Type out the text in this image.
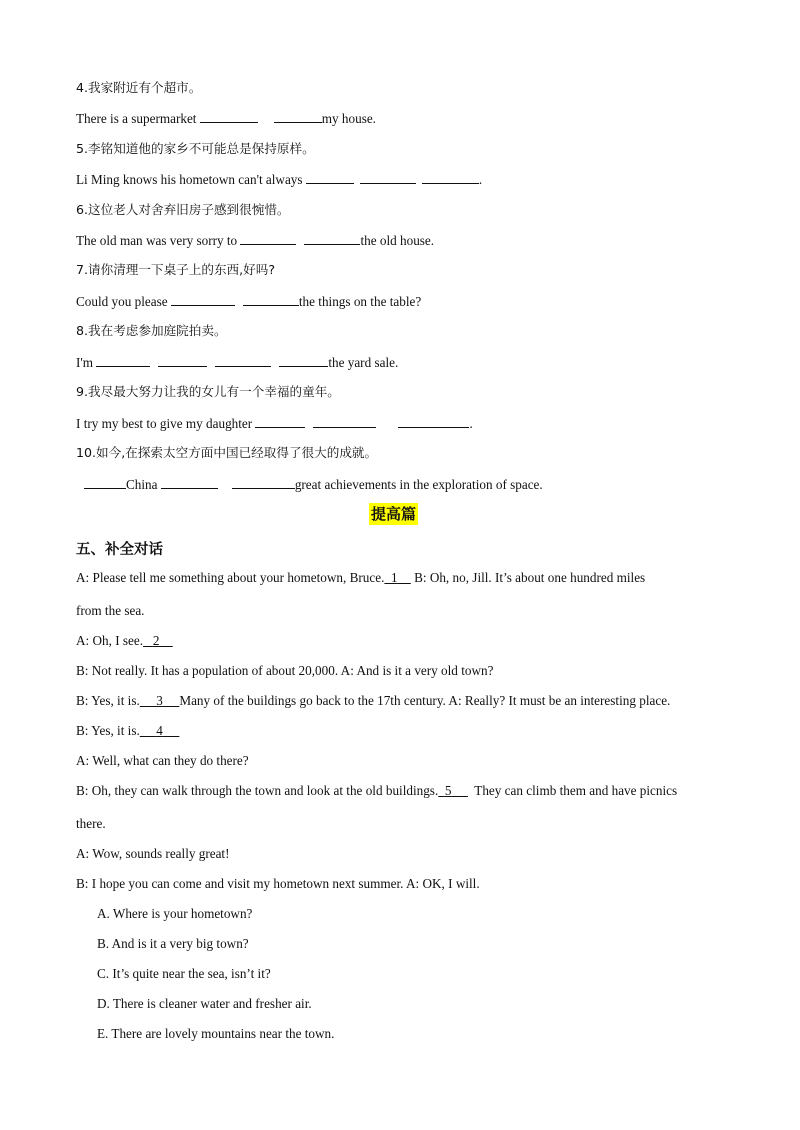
4.我家附近有个超市。
There is a supermarket	my house.
5.李铭知道他的家乡不可能总是保持原样。
Li Ming knows his hometown can't always	.
6.这位老人对舍弃旧房子感到很惋惜。
The old man was very sorry to	the old house.
7.请你清理一下桌子上的东西,好吗?
Could you please	the things on the table?
8.我在考虑参加庭院拍卖。
I'm	the yard sale.
9.我尽最大努力让我的女儿有一个幸福的童年。
I try my best to give my daughter	.
10.如今,在探索太空方面中国已经取得了很大的成就。
China	great achievements in the exploration of space.
提高篇
五、补全对话
A: Please tell me something about your hometown, Bruce. 1     B: Oh, no, Jill. It’s about one hundred miles
from the sea.
A: Oh, I see. 2
B: Not really. It has a population of about 20,000. A: And is it a very old town?
B: Yes, it is. 3 Many of the buildings go back to the 17th century. A: Really? It must be an interesting place.
B: Yes, it is. 4
A: Well, what can they do there?
B: Oh, they can walk through the town and look at the old buildings. 5       They can climb them and have picnics
there.
A: Wow, sounds really great!
B: I hope you can come and visit my hometown next summer. A: OK, I will.
A. Where is your hometown?
B. And is it a very big town?
C. It’s quite near the sea, isn’t it?
D. There is cleaner water and fresher air.
E. There are lovely mountains near the town.
